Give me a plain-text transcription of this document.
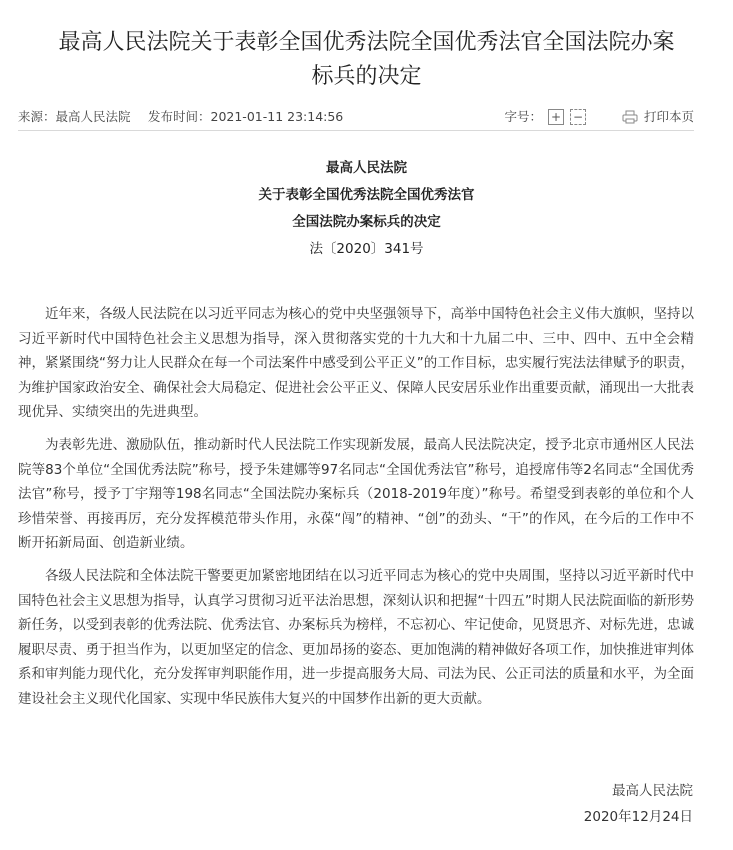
最高人民法院关于表彰全国优秀法院全国优秀法官全国法院办案
标兵的决定
来源：最高人民法院 发布时间：2021-01-11 23:14:56	字号： + −	打印本页
最高人民法院
关于表彰全国优秀法院全国优秀法官
全国法院办案标兵的决定
法〔2020〕341号

近年来，各级人民法院在以习近平同志为核心的党中央坚强领导下，高举中国特色社会主义伟大旗帜，坚持以习近平新时代中国特色社会主义思想为指导，深入贯彻落实党的十九大和十九届二中、三中、四中、五中全会精神，紧紧围绕“努力让人民群众在每一个司法案件中感受到公平正义”的工作目标，忠实履行宪法法律赋予的职责，为维护国家政治安全、确保社会大局稳定、促进社会公平正义、保障人民安居乐业作出重要贡献，涌现出一大批表现优异、实绩突出的先进典型。

为表彰先进、激励队伍，推动新时代人民法院工作实现新发展，最高人民法院决定，授予北京市通州区人民法院等83个单位“全国优秀法院”称号，授予朱建娜等97名同志“全国优秀法官”称号，追授席伟等2名同志“全国优秀法官”称号，授予丁宇翔等198名同志“全国法院办案标兵（2018-2019年度）”称号。希望受到表彰的单位和个人珍惜荣誉、再接再厉，充分发挥模范带头作用，永葆“闯”的精神、“创”的劲头、“干”的作风，在今后的工作中不断开拓新局面、创造新业绩。

各级人民法院和全体法院干警要更加紧密地团结在以习近平同志为核心的党中央周围，坚持以习近平新时代中国特色社会主义思想为指导，认真学习贯彻习近平法治思想，深刻认识和把握“十四五”时期人民法院面临的新形势新任务，以受到表彰的优秀法院、优秀法官、办案标兵为榜样，不忘初心、牢记使命，见贤思齐、对标先进，忠诚履职尽责、勇于担当作为，以更加坚定的信念、更加昂扬的姿态、更加饱满的精神做好各项工作，加快推进审判体系和审判能力现代化，充分发挥审判职能作用，进一步提高服务大局、司法为民、公正司法的质量和水平，为全面建设社会主义现代化国家、实现中华民族伟大复兴的中国梦作出新的更大贡献。

最高人民法院
2020年12月24日
